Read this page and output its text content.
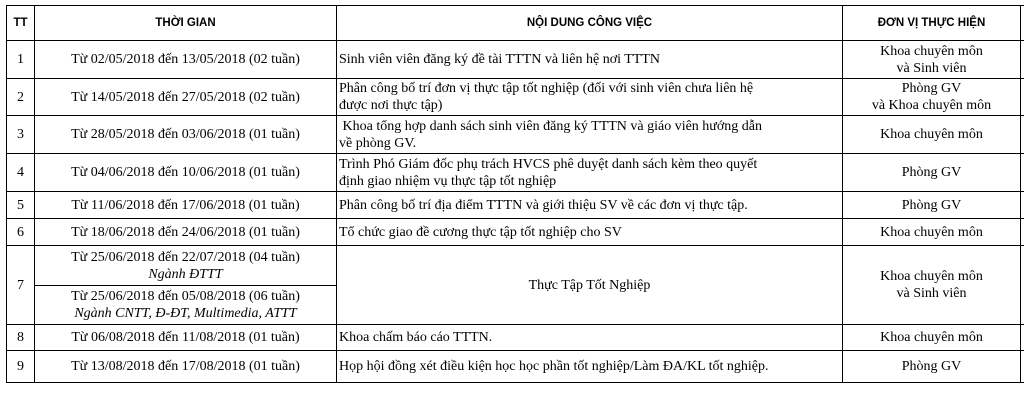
TT	THỜI GIAN	NỘI DUNG CÔNG VIỆC	ĐƠN VỊ THỰC HIỆN	
1	Từ 02/05/2018 đến 13/05/2018 (02 tuần)	Sinh viên viên đăng ký đề tài TTTN và liên hệ nơi TTTN	Khoa chuyên môn
và Sinh viên	

2	Từ 14/05/2018 đến 27/05/2018 (02 tuần)	Phân công bố trí đơn vị thực tập tốt nghiệp (đối với sinh viên chưa liên hệ
được nơi thực tập)	Phòng GV
và Khoa chuyên môn	

3	Từ 28/05/2018 đến 03/06/2018 (01 tuần)	Khoa tổng hợp danh sách sinh viên đăng ký TTTN và giáo viên hướng dẫn
về phòng GV.	Khoa chuyên môn	
4	Từ 04/06/2018 đến 10/06/2018 (01 tuần)	Trình Phó Giám đốc phụ trách HVCS phê duyệt danh sách kèm theo quyết
định giao nhiệm vụ thực tập tốt nghiệp	Phòng GV	
5	Từ 11/06/2018 đến 17/06/2018 (01 tuần)	Phân công bố trí địa điểm TTTN và giới thiệu SV về các đơn vị thực tập.	Phòng GV	
6	Từ 18/06/2018 đến 24/06/2018 (01 tuần)	Tổ chức giao đề cương thực tập tốt nghiệp cho SV	Khoa chuyên môn	
7	Từ 25/06/2018 đến 22/07/2018 (04 tuần)
Ngành ĐTTT
Từ 25/06/2018 đến 05/08/2018 (06 tuần)
Ngành CNTT, Đ-ĐT, Multimedia, ATTT	Thực Tập Tốt Nghiệp	Khoa chuyên môn
và Sinh viên	

8	Từ 06/08/2018 đến 11/08/2018 (01 tuần)	Khoa chấm báo cáo TTTN.	Khoa chuyên môn	
9	Từ 13/08/2018 đến 17/08/2018 (01 tuần)	Họp hội đồng xét điều kiện học học phần tốt nghiệp/Làm ĐA/KL tốt nghiệp.	Phòng GV	
